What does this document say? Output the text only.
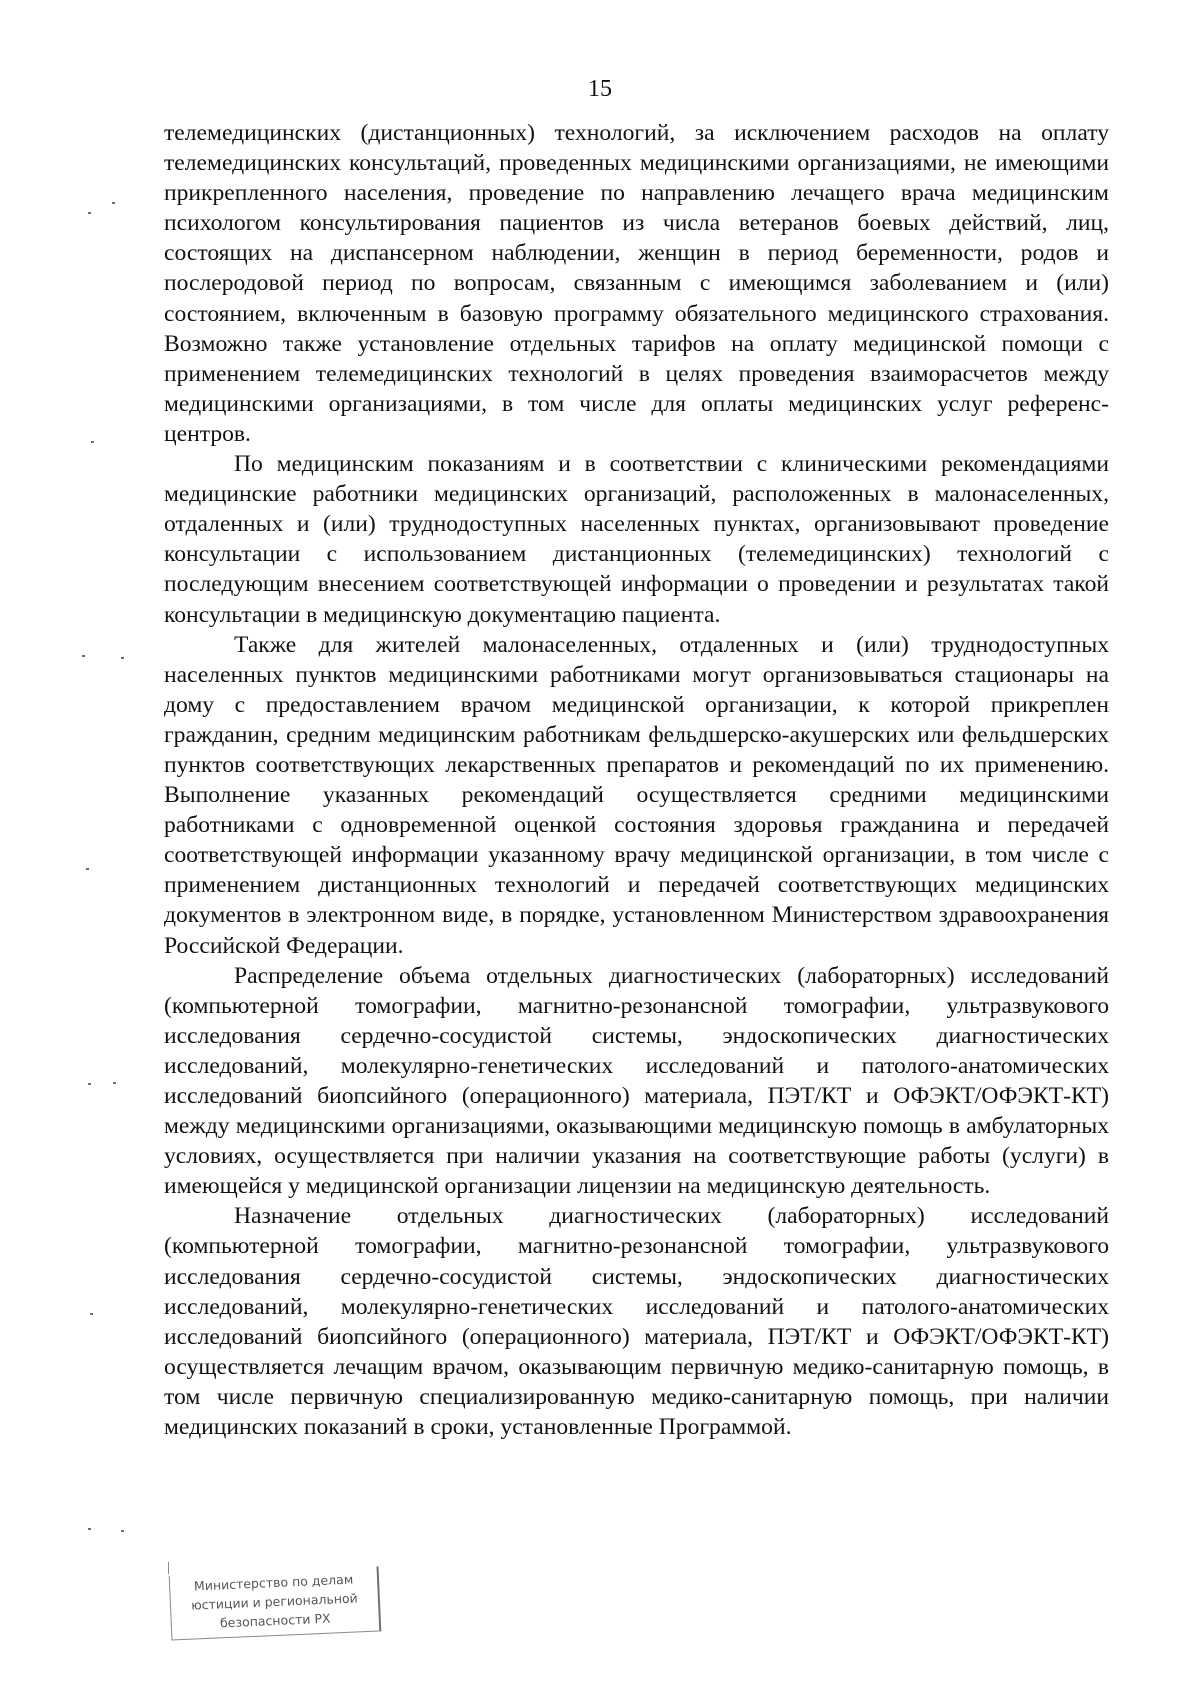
15

телемедицинских (дистанционных) технологий, за исключением расходов на оплату телемедицинских консультаций, проведенных медицинскими организациями, не имеющими прикрепленного населения, проведение по направлению лечащего врача медицинским психологом консультирования пациентов из числа ветеранов боевых действий, лиц, состоящих на диспансерном наблюдении, женщин в период беременности, родов и послеродовой период по вопросам, связанным с имеющимся заболеванием и (или) состоянием, включенным в базовую программу обязательного медицинского страхования. Возможно также установление отдельных тарифов на оплату медицинской помощи с применением телемедицинских технологий в целях проведения взаиморасчетов между медицинскими организациями, в том числе для оплаты медицинских услуг референс-центров.

По медицинским показаниям и в соответствии с клиническими рекомендациями медицинские работники медицинских организаций, расположенных в малонаселенных, отдаленных и (или) труднодоступных населенных пунктах, организовывают проведение консультации с использованием дистанционных (телемедицинских) технологий с последующим внесением соответствующей информации о проведении и результатах такой консультации в медицинскую документацию пациента.

Также для жителей малонаселенных, отдаленных и (или) труднодоступных населенных пунктов медицинскими работниками могут организовываться стационары на дому с предоставлением врачом медицинской организации, к которой прикреплен гражданин, средним медицинским работникам фельдшерско-акушерских или фельдшерских пунктов соответствующих лекарственных препаратов и рекомендаций по их применению. Выполнение указанных рекомендаций осуществляется средними медицинскими работниками с одновременной оценкой состояния здоровья гражданина и передачей соответствующей информации указанному врачу медицинской организации, в том числе с применением дистанционных технологий и передачей соответствующих медицинских документов в электронном виде, в порядке, установленном Министерством здравоохранения Российской Федерации.

Распределение объема отдельных диагностических (лабораторных) исследований (компьютерной томографии, магнитно-резонансной томографии, ультразвукового исследования сердечно-сосудистой системы, эндоскопических диагностических исследований, молекулярно-генетических исследований и патолого-анатомических исследований биопсийного (операционного) материала, ПЭТ/КТ и ОФЭКТ/ОФЭКТ-КТ) между медицинскими организациями, оказывающими медицинскую помощь в амбулаторных условиях, осуществляется при наличии указания на соответствующие работы (услуги) в имеющейся у медицинской организации лицензии на медицинскую деятельность.

Назначение отдельных диагностических (лабораторных) исследований (компьютерной томографии, магнитно-резонансной томографии, ультразвукового исследования сердечно-сосудистой системы, эндоскопических диагностических исследований, молекулярно-генетических исследований и патолого-анатомических исследований биопсийного (операционного) материала, ПЭТ/КТ и ОФЭКТ/ОФЭКТ-КТ) осуществляется лечащим врачом, оказывающим первичную медико-санитарную помощь, в том числе первичную специализированную медико-санитарную помощь, при наличии медицинских показаний в сроки, установленные Программой.

Министерство по делам
юстиции и региональной
безопасности РХ
